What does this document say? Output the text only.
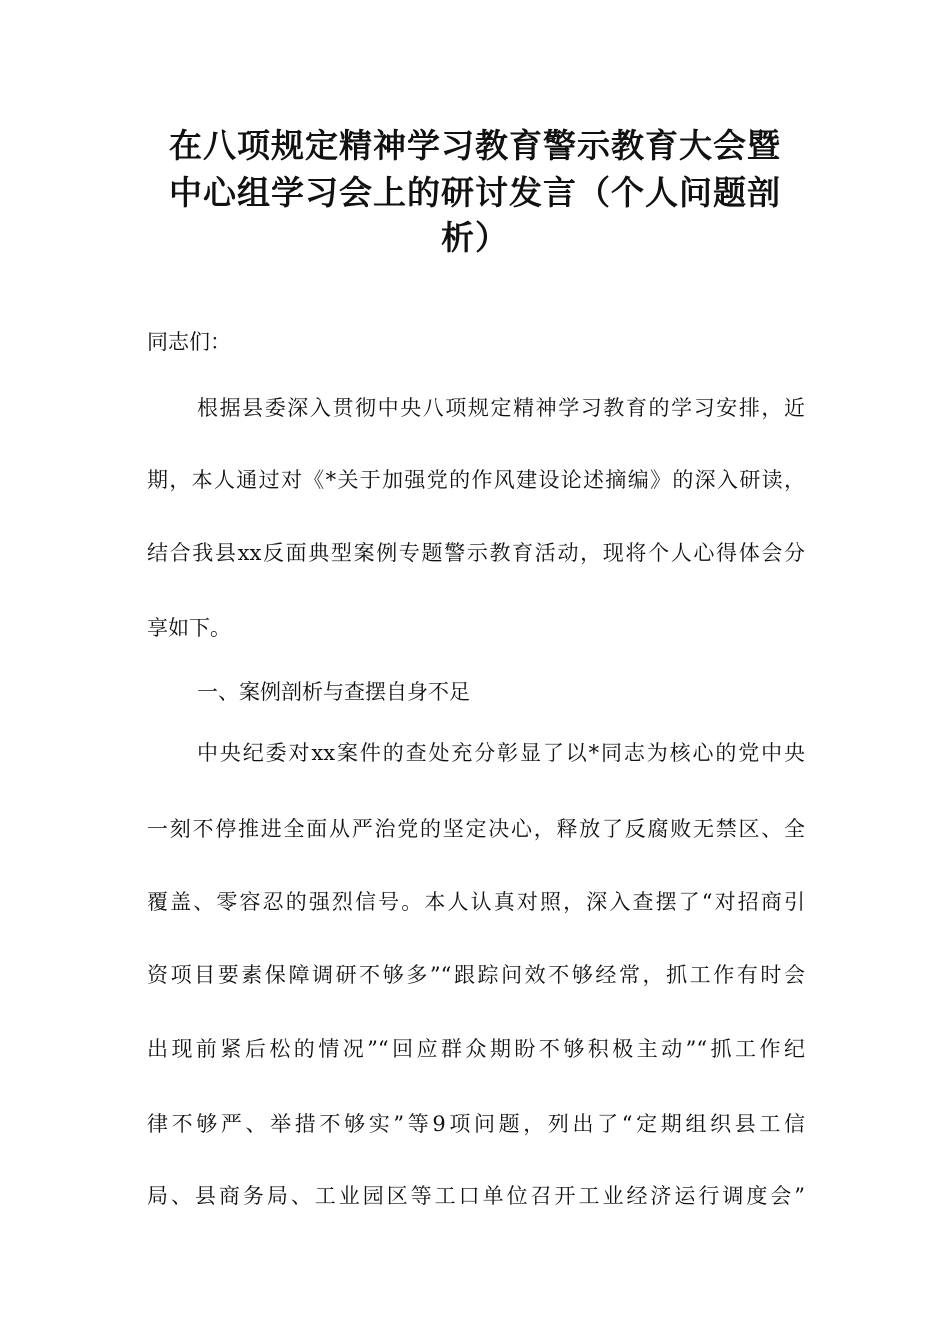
在八项规定精神学习教育警示教育大会暨
中心组学习会上的研讨发言（个人问题剖
析）
同志们：
根据县委深入贯彻中央八项规定精神学习教育的学习安排，近
期，本人通过对《*关于加强党的作风建设论述摘编》的深入研读，
结合我县xx反面典型案例专题警示教育活动，现将个人心得体会分
享如下。
一、案例剖析与查摆自身不足
中央纪委对xx案件的查处充分彰显了以*同志为核心的党中央
一刻不停推进全面从严治党的坚定决心，释放了反腐败无禁区、全
覆盖、零容忍的强烈信号。本人认真对照，深入查摆了“对招商引
资项目要素保障调研不够多”“跟踪问效不够经常，抓工作有时会
出现前紧后松的情况”“回应群众期盼不够积极主动”“抓工作纪
律不够严、举措不够实”等9项问题，列出了“定期组织县工信
局、县商务局、工业园区等工口单位召开工业经济运行调度会”
